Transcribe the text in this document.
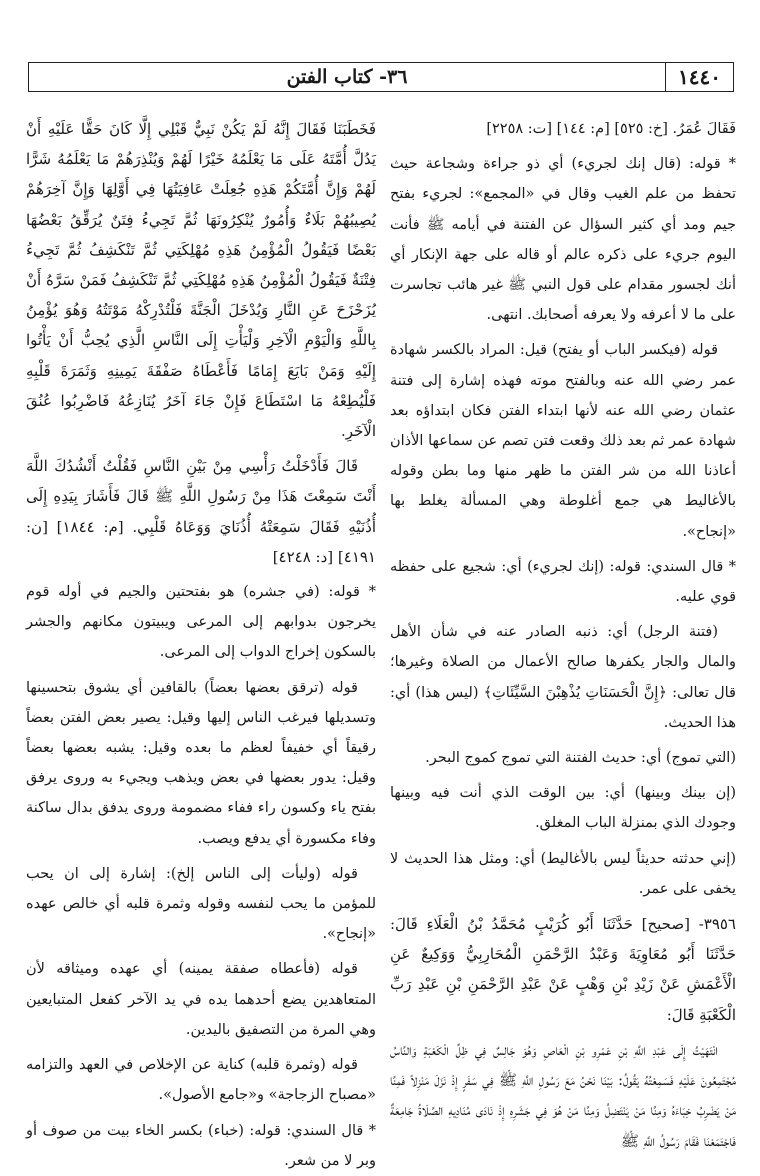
١٤٤٠
٣٦- كتاب الفتن

فَقَالَ عُمَرُ. [خ: ٥٢٥] [م: ١٤٤] [ت: ٢٢٥٨]

* قوله: (قال إنك لجريء) أي ذو جراءة وشجاعة حيث تحفظ من علم الغيب وقال في «المجمع»: لجريء بفتح جيم ومد أي كثير السؤال عن الفتنة في أيامه ﷺ فأنت اليوم جريء على ذكره عالم أو قاله على جهة الإنكار أي أنك لجسور مقدام على قول النبي ﷺ غير هائب تجاسرت على ما لا أعرفه ولا يعرفه أصحابك. انتهى.

قوله (فيكسر الباب أو يفتح) قيل: المراد بالكسر شهادة عمر رضي الله عنه وبالفتح موته فهذه إشارة إلى فتنة عثمان رضي الله عنه لأنها ابتداء الفتن فكان ابتداؤه بعد شهادة عمر ثم بعد ذلك وقعت فتن تصم عن سماعها الأذان أعاذنا الله من شر الفتن ما ظهر منها وما بطن وقوله بالأغاليط هي جمع أغلوطة وهي المسألة يغلط بها «إنجاح».

* قال السندي: قوله: (إنك لجريء) أي: شجيع على حفظه قوي عليه.

(فتنة الرجل) أي: ذنبه الصادر عنه في شأن الأهل والمال والجار يكفرها صالح الأعمال من الصلاة وغيرها؛ قال تعالى: ﴿إِنَّ الْحَسَنَاتِ يُذْهِبْنَ السَّيِّئَاتِ﴾ (ليس هذا) أي: هذا الحديث.

(التي تموج) أي: حديث الفتنة التي تموج كموج البحر.

(إن بينك وبينها) أي: بين الوقت الذي أنت فيه وبينها وجودك الذي بمنزلة الباب المغلق.

(إني حدثته حديثاً ليس بالأغاليط) أي: ومثل هذا الحديث لا يخفى على عمر.

٣٩٥٦- [صحيح] حَدَّثَنَا أَبُو كُرَيْبٍ مُحَمَّدُ بْنُ الْعَلَاءِ قَالَ: حَدَّثَنَا أَبُو مُعَاوِيَةَ وَعَبْدُ الرَّحْمَنِ الْمُحَارِبِيُّ وَوَكِيعٌ عَنِ الْأَعْمَشِ عَنْ زَيْدِ بْنِ وَهْبٍ عَنْ عَبْدِ الرَّحْمَنِ بْنِ عَبْدِ رَبِّ الْكَعْبَةِ قَالَ:

انْتَهَيْتُ إِلَى عَبْدِ اللَّهِ بْنِ عَمْرِو بْنِ الْعَاصِ وَهُوَ جَالِسٌ فِي ظِلِّ الْكَعْبَةِ وَالنَّاسُ مُجْتَمِعُونَ عَلَيْهِ فَسَمِعْتُهُ يَقُولُ: بَيْنَا نَحْنُ مَعَ رَسُولِ اللَّهِ ﷺ فِي سَفَرٍ إِذْ نَزَلَ مَنْزِلاً فَمِنَّا مَنْ يَضْرِبُ خِبَاءَهُ وَمِنَّا مَنْ يَنْتَضِلُ وَمِنَّا مَنْ هُوَ فِي جَشَرِهِ إِذْ نَادَى مُنَادِيهِ الصَّلَاةُ جَامِعَةٌ فَاجْتَمَعْنَا فَقَامَ رَسُولُ اللَّهِ ﷺ

فَخَطَبَنَا فَقَالَ إِنَّهُ لَمْ يَكُنْ نَبِيٌّ قَبْلِي إِلَّا كَانَ حَقًّا عَلَيْهِ أَنْ يَدُلَّ أُمَّتَهُ عَلَى مَا يَعْلَمُهُ خَيْرًا لَهُمْ وَيُنْذِرَهُمْ مَا يَعْلَمُهُ شَرًّا لَهُمْ وَإِنَّ أُمَّتَكُمْ هَذِهِ جُعِلَتْ عَافِيَتُهَا فِي أَوَّلِهَا وَإِنَّ آخِرَهُمْ يُصِيبُهُمْ بَلَاءٌ وَأُمُورٌ يُنْكِرُونَهَا ثُمَّ تَجِيءُ فِتَنٌ يُرَقِّقُ بَعْضُهَا بَعْضًا فَيَقُولُ الْمُؤْمِنُ هَذِهِ مُهْلِكَتِي ثُمَّ تَنْكَشِفُ ثُمَّ تَجِيءُ فِتْنَةٌ فَيَقُولُ الْمُؤْمِنُ هَذِهِ مُهْلِكَتِي ثُمَّ تَنْكَشِفُ فَمَنْ سَرَّهُ أَنْ يُزَحْزَحَ عَنِ النَّارِ وَيُدْخَلَ الْجَنَّةَ فَلْتُدْرِكْهُ مَوْتَتُهُ وَهُوَ يُؤْمِنُ بِاللَّهِ وَالْيَوْمِ الْآخِرِ وَلْيَأْتِ إِلَى النَّاسِ الَّذِي يُحِبُّ أَنْ يَأْتُوا إِلَيْهِ وَمَنْ بَايَعَ إِمَامًا فَأَعْطَاهُ صَفْقَةَ يَمِينِهِ وَثَمَرَةَ قَلْبِهِ فَلْيُطِعْهُ مَا اسْتَطَاعَ فَإِنْ جَاءَ آخَرُ يُنَازِعُهُ فَاضْرِبُوا عُنُقَ الْآخَرِ.

قَالَ فَأَدْخَلْتُ رَأْسِي مِنْ بَيْنِ النَّاسِ فَقُلْتُ أَنْشُدُكَ اللَّهَ أَنْتَ سَمِعْتَ هَذَا مِنْ رَسُولِ اللَّهِ ﷺ قَالَ فَأَشَارَ بِيَدِهِ إِلَى أُذُنَيْهِ فَقَالَ سَمِعَتْهُ أُذُنَايَ وَوَعَاهُ قَلْبِي. [م: ١٨٤٤] [ن: ٤١٩١] [د: ٤٢٤٨]

* قوله: (في جشره) هو بفتحتين والجيم في أوله قوم يخرجون بدوابهم إلى المرعى ويبيتون مكانهم والجشر بالسكون إخراج الدواب إلى المرعى.

قوله (ترقق بعضها بعضاً) بالقافين أي يشوق بتحسينها وتسديلها فيرغب الناس إليها وقيل: يصير بعض الفتن بعضاً رقيقاً أي خفيفاً لعظم ما بعده وقيل: يشبه بعضها بعضاً وقيل: يدور بعضها في بعض ويذهب ويجيء به وروى يرفق بفتح ياء وكسون راء ففاء مضمومة وروى يدفق بدال ساكنة وفاء مكسورة أي يدفع ويصب.

قوله (وليأت إلى الناس إلخ): إشارة إلى ان يحب للمؤمن ما يحب لنفسه وقوله وثمرة قلبه أي خالص عهده «إنجاح».

قوله (فأعطاه صفقة يمينه) أي عهده وميثاقه لأن المتعاهدين يضع أحدهما يده في يد الآخر كفعل المتبايعين وهي المرة من التصفيق باليدين.

قوله (وثمرة قلبه) كناية عن الإخلاص في العهد والتزامه «مصباح الزجاجة» و«جامع الأصول».

* قال السندي: قوله: (خباء) بكسر الخاء بيت من صوف أو وبر لا من شعر.
